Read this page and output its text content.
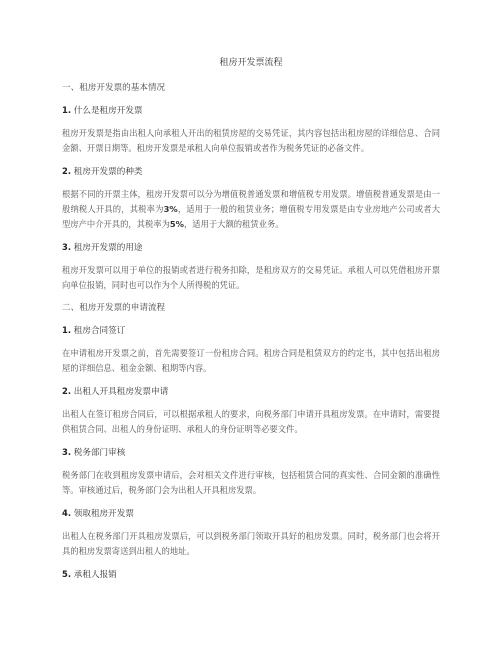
租房开发票流程
一、租房开发票的基本情况
1. 什么是租房开发票
租房开发票是指由出租人向承租人开出的租赁房屋的交易凭证，其内容包括出租房屋的详细信息、合同金额、开票日期等。租房开发票是承租人向单位报销或者作为税务凭证的必备文件。
2. 租房开发票的种类
根据不同的开票主体，租房开发票可以分为增值税普通发票和增值税专用发票。增值税普通发票是由一般纳税人开具的，其税率为3%，适用于一般的租赁业务；增值税专用发票是由专业房地产公司或者大型房产中介开具的，其税率为5%，适用于大额的租赁业务。
3. 租房开发票的用途
租房开发票可以用于单位的报销或者进行税务扣除，是租房双方的交易凭证。承租人可以凭借租房开票向单位报销，同时也可以作为个人所得税的凭证。
二、租房开发票的申请流程
1. 租房合同签订
在申请租房开发票之前，首先需要签订一份租房合同。租房合同是租赁双方的约定书，其中包括出租房屋的详细信息、租金金额、租期等内容。
2. 出租人开具租房发票申请
出租人在签订租房合同后，可以根据承租人的要求，向税务部门申请开具租房发票。在申请时，需要提供租赁合同、出租人的身份证明、承租人的身份证明等必要文件。
3. 税务部门审核
税务部门在收到租房发票申请后，会对相关文件进行审核，包括租赁合同的真实性、合同金额的准确性等。审核通过后，税务部门会为出租人开具租房发票。
4. 领取租房开发票
出租人在税务部门开具租房发票后，可以到税务部门领取开具好的租房发票。同时，税务部门也会将开具的租房发票寄送到出租人的地址。
5. 承租人报销
